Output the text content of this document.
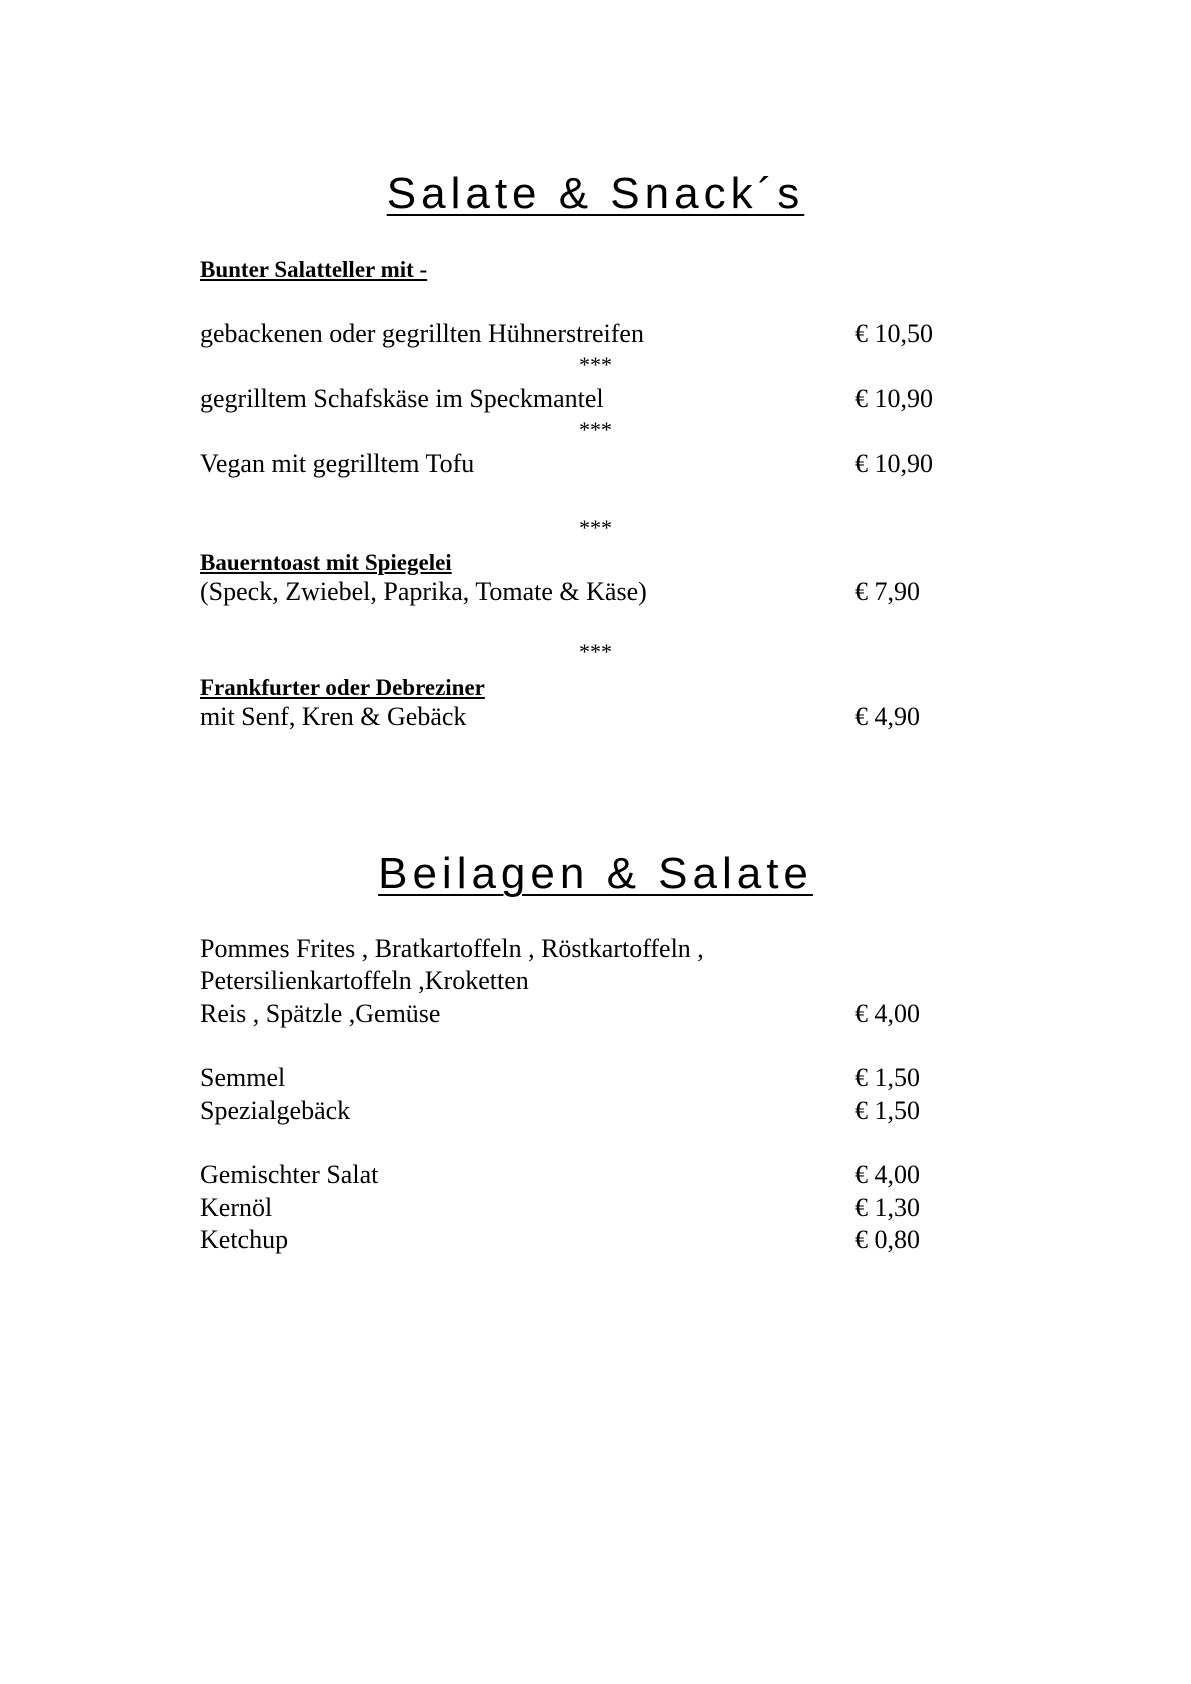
Salate & Snack´s
Bunter Salatteller mit -
gebackenen oder gegrillten Hühnerstreifen	€ 10,50
***
gegrilltem Schafskäse im Speckmantel	€ 10,90
***
Vegan mit gegrilltem Tofu	€ 10,90
***
Bauerntoast mit Spiegelei
(Speck, Zwiebel, Paprika, Tomate & Käse)	€ 7,90
***
Frankfurter oder Debreziner
mit Senf, Kren & Gebäck	€ 4,90
Beilagen & Salate
Pommes Frites , Bratkartoffeln , Röstkartoffeln ,
Petersilienkartoffeln ,Kroketten
Reis , Spätzle ,Gemüse	€ 4,00
Semmel	€ 1,50
Spezialgebäck	€ 1,50
Gemischter Salat	€ 4,00
Kernöl	€ 1,30
Ketchup	€ 0,80
